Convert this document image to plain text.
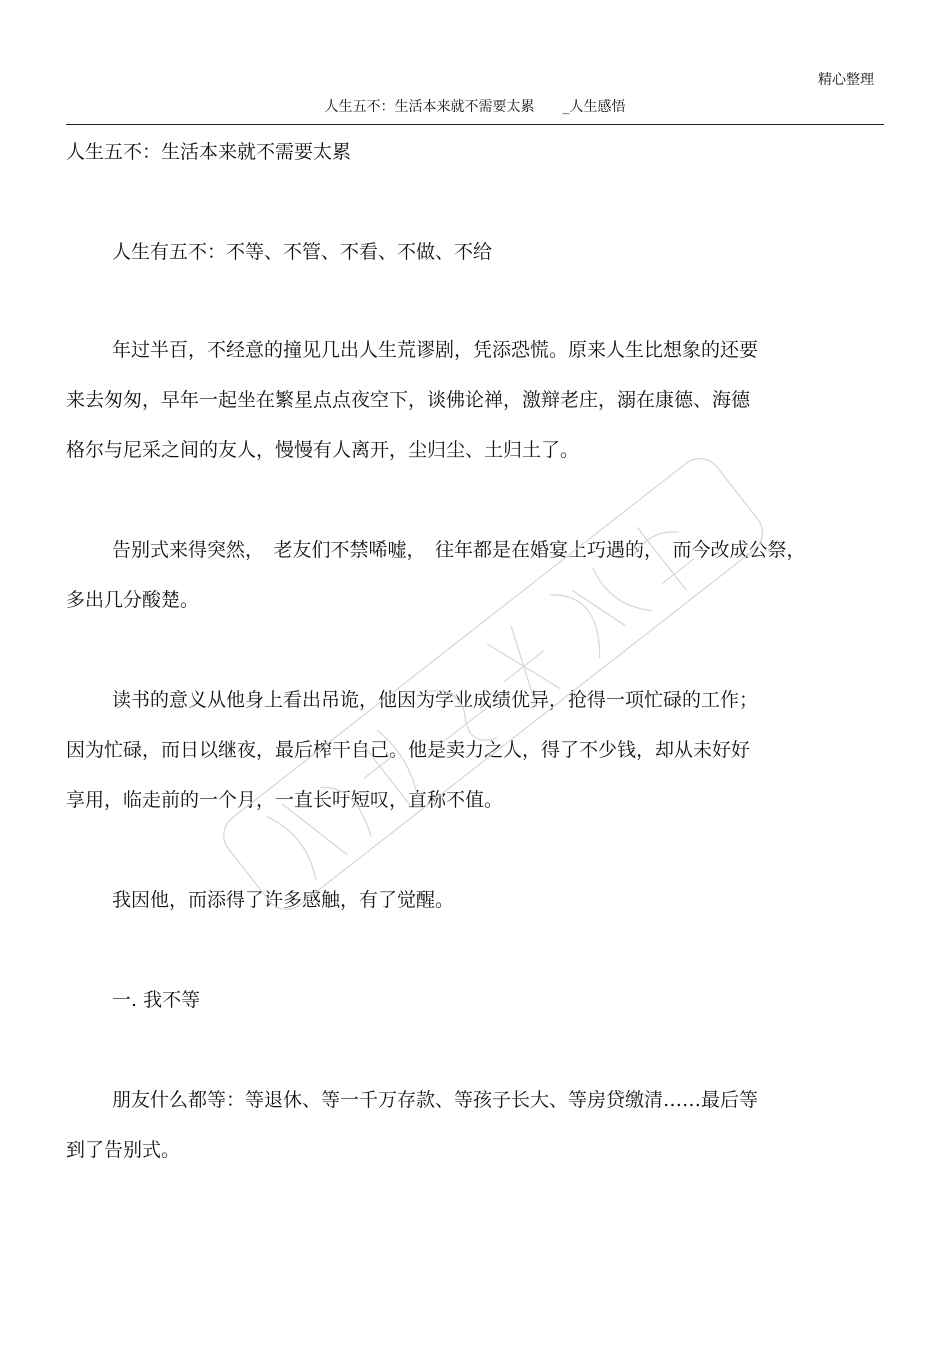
精心整理
人生五不：生活本来就不需要太累 _人生感悟
人生五不：生活本来就不需要太累
人生有五不：不等、不管、不看、不做、不给
年过半百，不经意的撞见几出人生荒谬剧，凭添恐慌。原来人生比想象的还要
来去匆匆，早年一起坐在繁星点点夜空下，谈佛论禅，激辩老庄，溺在康德、海德
格尔与尼采之间的友人，慢慢有人离开，尘归尘、土归土了。
告别式来得突然，　老友们不禁唏嘘，　往年都是在婚宴上巧遇的，　而今改成公祭，
多出几分酸楚。
读书的意义从他身上看出吊诡，他因为学业成绩优异，抢得一项忙碌的工作；
因为忙碌，而日以继夜，最后榨干自己。他是卖力之人，得了不少钱，却从未好好
享用，临走前的一个月，一直长吁短叹，直称不值。
我因他，而添得了许多感触，有了觉醒。
一. 我不等
朋友什么都等：等退休、等一千万存款、等孩子长大、等房贷缴清……最后等
到了告别式。
